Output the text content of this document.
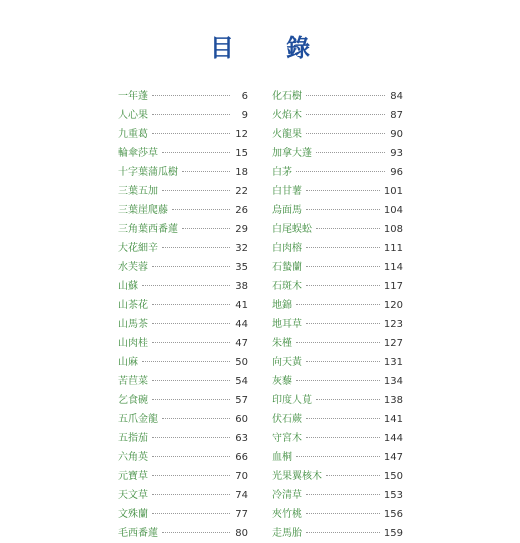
目 錄
一年蓬	6
人心果	9
九重葛	12
輪傘莎草	15
十字葉蒲瓜樹	18
三葉五加	22
三葉崖爬藤	26
三角葉西番蓮	29
大花細辛	32
水芙蓉	35
山蘇	38
山茶花	41
山馬茶	44
山肉桂	47
山麻	50
苦苣菜	54
乞食碗	57
五爪金龍	60
五指茄	63
六角英	66
元寶草	70
天文草	74
文殊蘭	77
毛西番蓮	80
化石樹	84
火焰木	87
火龍果	90
加拿大蓬	93
白茅	96
白甘薯	101
烏面馬	104
白尾蜈蚣	108
白肉榕	111
石蟄蘭	114
石斑木	117
地錦	120
地耳草	123
朱槿	127
向天黃	131
灰藜	134
印度人莧	138
伏石蕨	141
守宮木	144
血桐	147
光果翼核木	150
冷清草	153
夾竹桃	156
走馬胎	159
